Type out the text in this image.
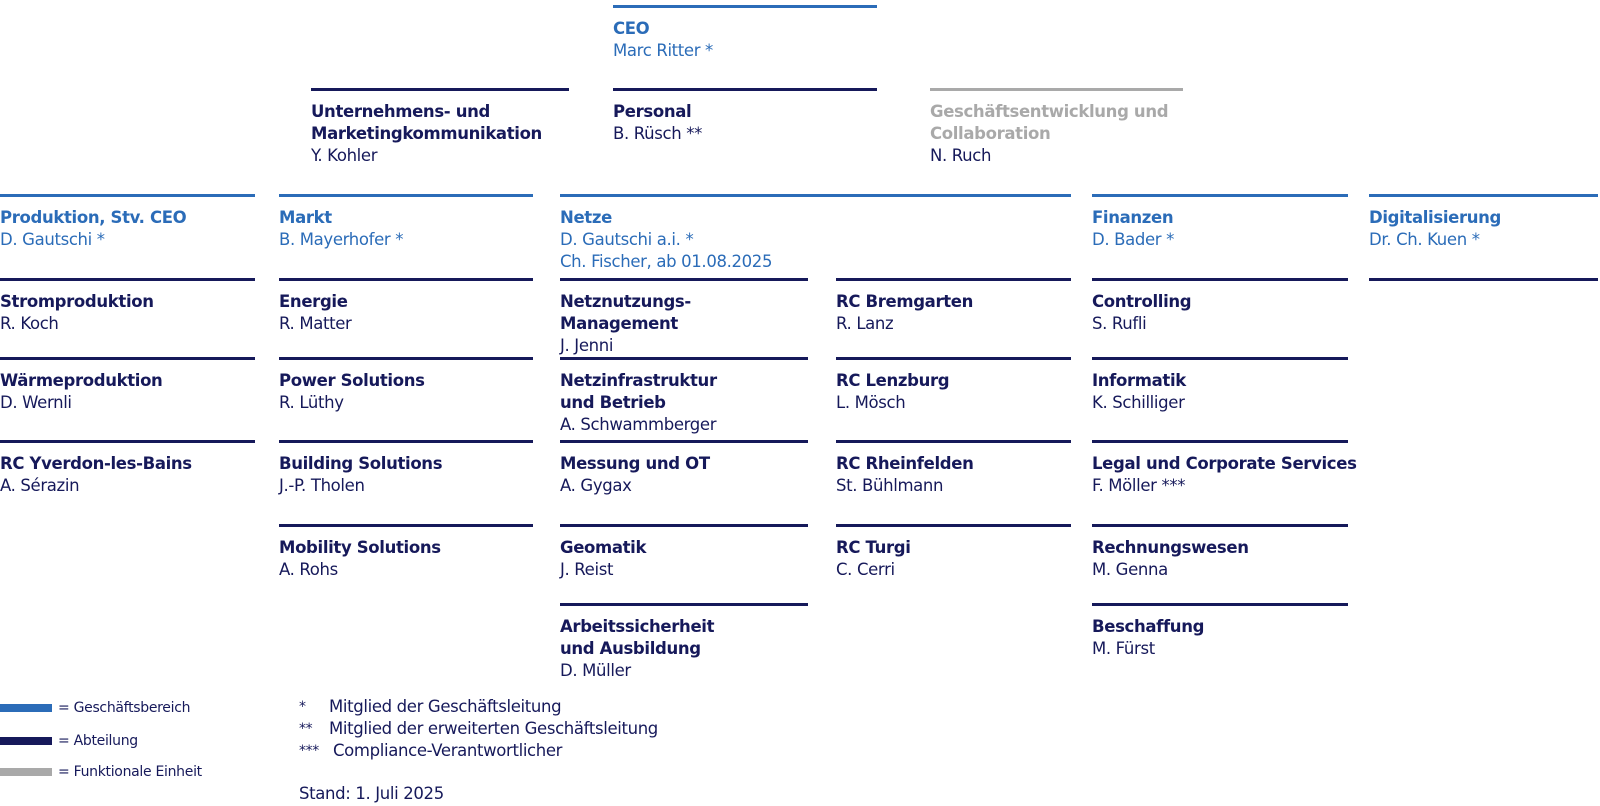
CEO
Marc Ritter *
Unternehmens- und Marketingkommunikation
Y. Kohler
Personal
B. Rüsch **
Geschäftsentwicklung und Collaboration
N. Ruch
Produktion, Stv. CEO
D. Gautschi *
Markt
B. Mayerhofer *
Netze
D. Gautschi a.i. *
Ch. Fischer, ab 01.08.2025
Finanzen
D. Bader *
Digitalisierung
Dr. Ch. Kuen *
Stromproduktion
R. Koch
Wärmeproduktion
D. Wernli
RC Yverdon-les-Bains
A. Sérazin
Energie
R. Matter
Power Solutions
R. Lüthy
Building Solutions
J.-P. Tholen
Mobility Solutions
A. Rohs
Netznutzungs-Management
J. Jenni
Netzinfrastruktur und Betrieb
A. Schwammberger
Messung und OT
A. Gygax
Geomatik
J. Reist
Arbeitssicherheit und Ausbildung
D. Müller
RC Bremgarten
R. Lanz
RC Lenzburg
L. Mösch
RC Rheinfelden
St. Bühlmann
RC Turgi
C. Cerri
Controlling
S. Rufli
Informatik
K. Schilliger
Legal und Corporate Services
F. Möller ***
Rechnungswesen
M. Genna
Beschaffung
M. Fürst
= Geschäftsbereich
= Abteilung
= Funktionale Einheit
*	Mitglied der Geschäftsleitung
**	Mitglied der erweiterten Geschäftsleitung
*** Compliance-Verantwortlicher
Stand: 1. Juli 2025
